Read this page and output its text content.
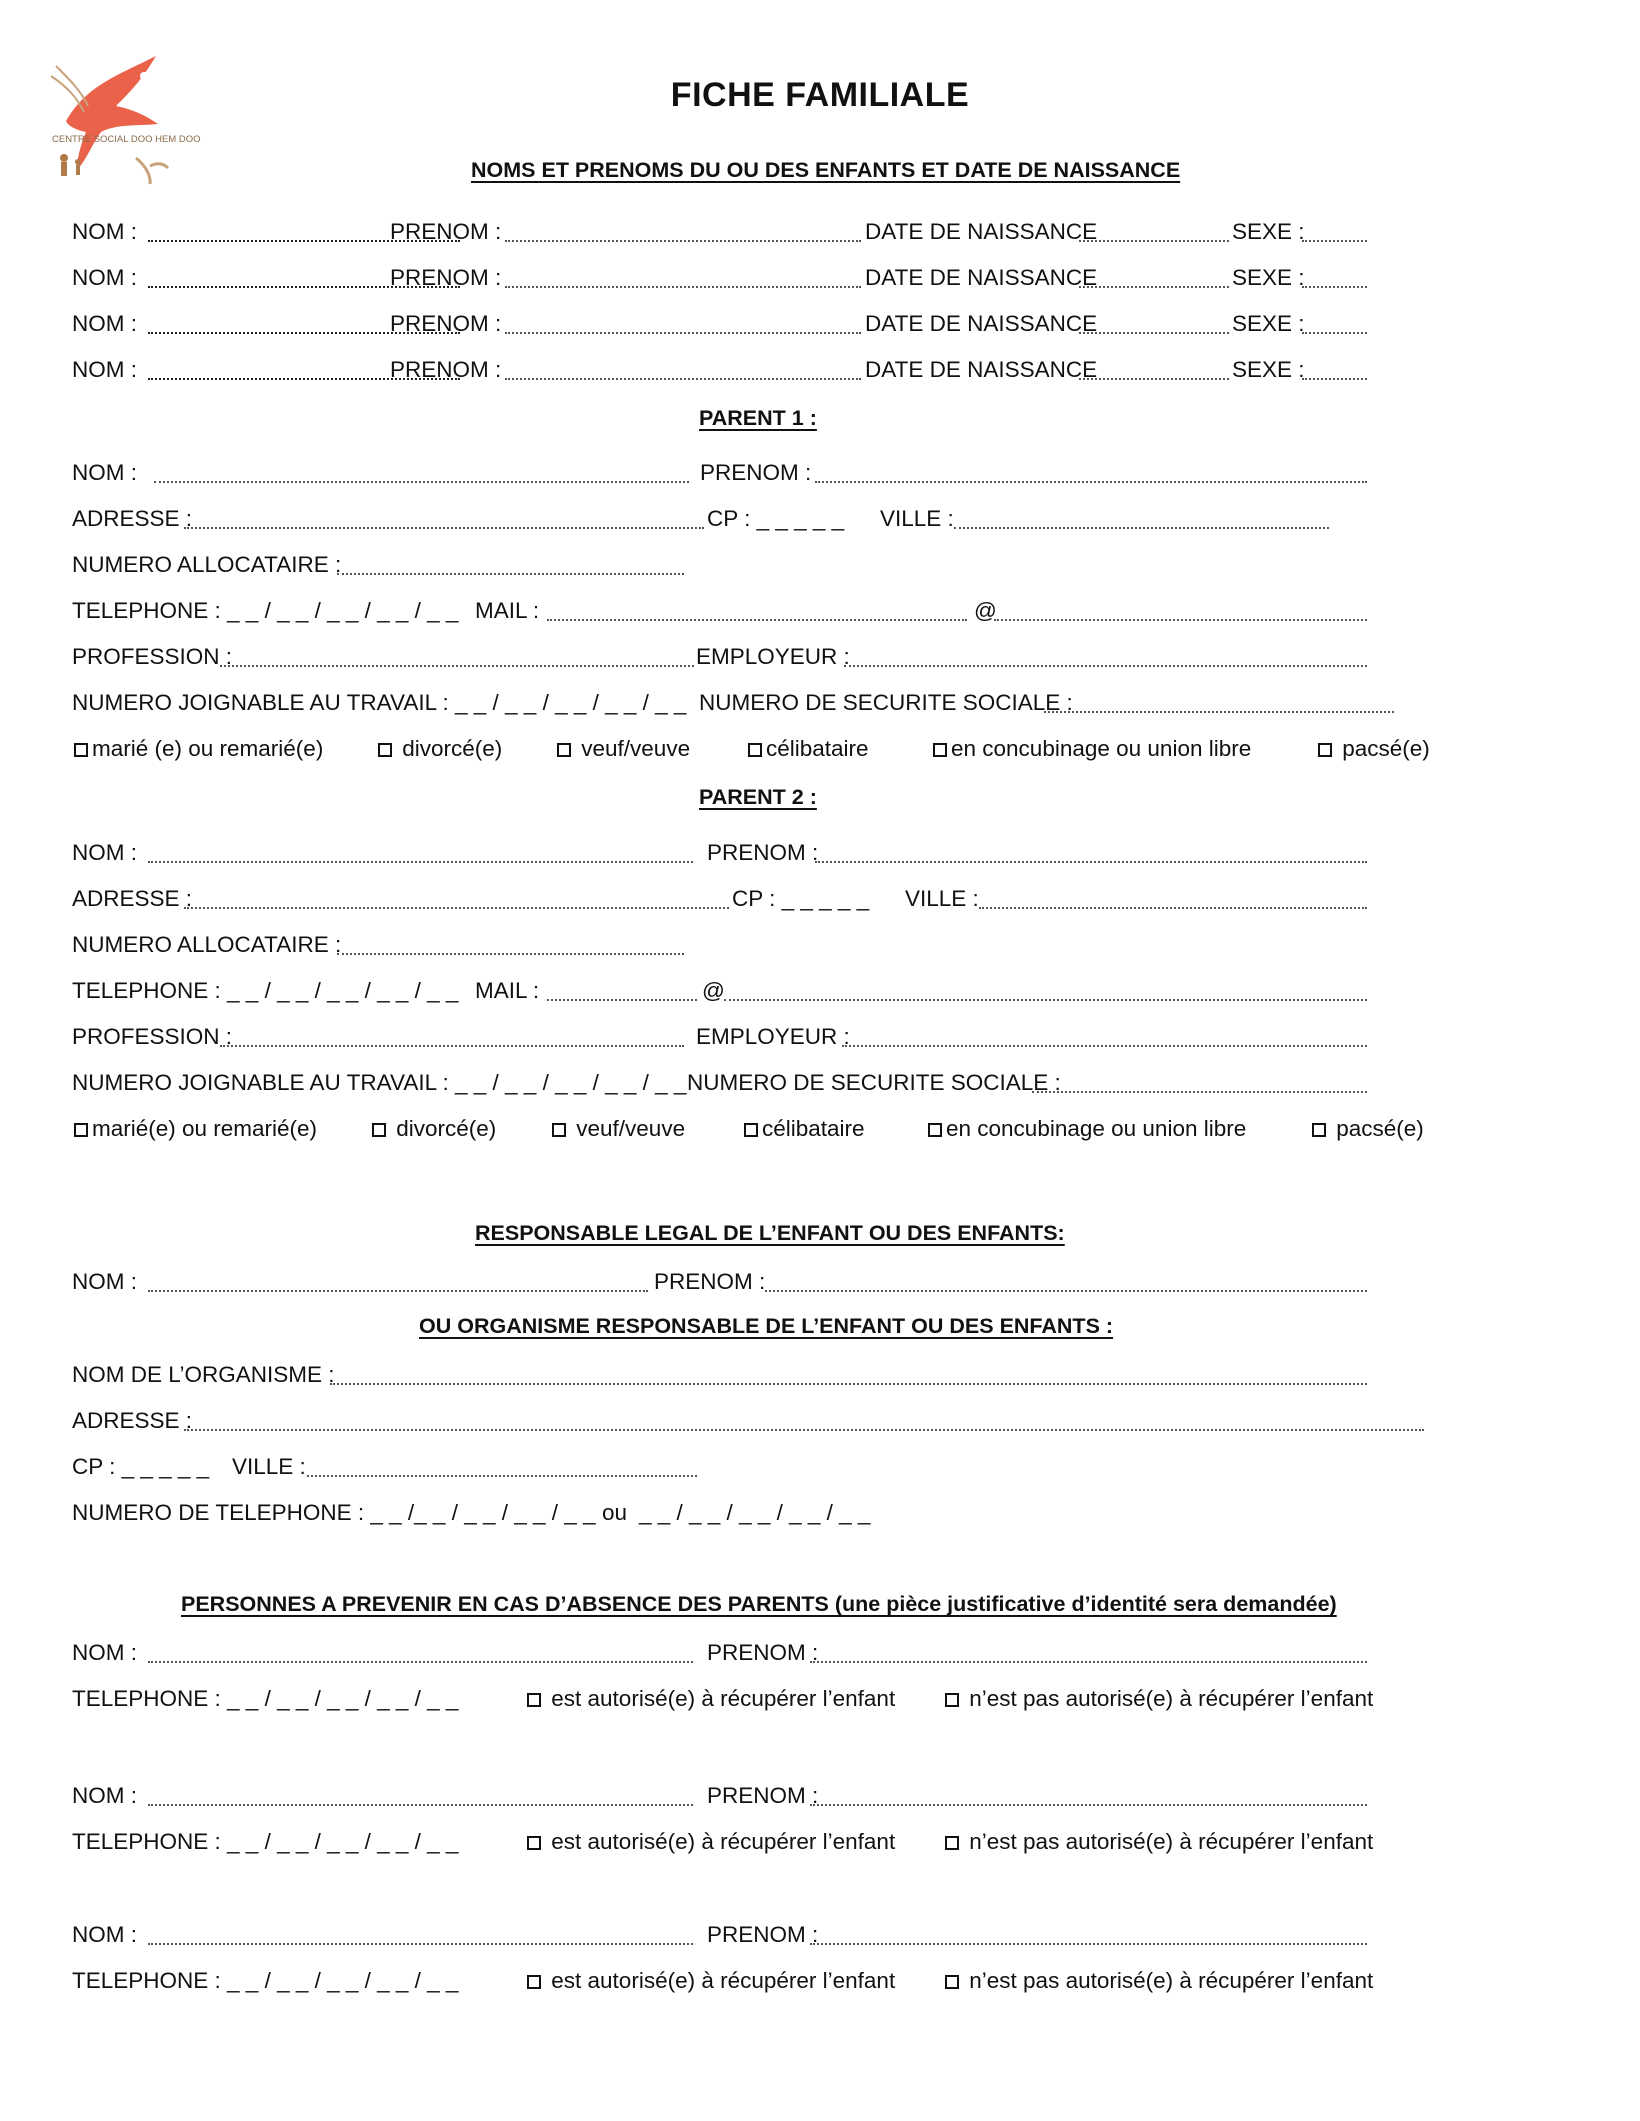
CENTRE SOCIAL DOO HEM DOO
FICHE FAMILIALE
NOMS ET PRENOMS DU OU DES ENFANTS ET DATE DE NAISSANCE
NOM :	PRENOM :	DATE DE NAISSANCE	SEXE :
NOM :	PRENOM :	DATE DE NAISSANCE	SEXE :
NOM :	PRENOM :	DATE DE NAISSANCE	SEXE :
NOM :	PRENOM :	DATE DE NAISSANCE	SEXE :
PARENT 1 :
NOM :	PRENOM :
ADRESSE :	CP : _ _ _ _ _ VILLE :
NUMERO ALLOCATAIRE :
TELEPHONE : _ _ / _ _ / _ _ / _ _ / _ _ MAIL :	@
PROFESSION :	EMPLOYEUR :
NUMERO JOIGNABLE AU TRAVAIL : _ _ / _ _ / _ _ / _ _ / _ _ NUMERO DE SECURITE SOCIALE :
marié (e) ou remarié(e)	divorcé(e)	veuf/veuve	célibataire	en concubinage ou union libre	pacsé(e)
PARENT 2 :
NOM :	PRENOM :
ADRESSE :	CP : _ _ _ _ _ VILLE :
NUMERO ALLOCATAIRE :
TELEPHONE : _ _ / _ _ / _ _ / _ _ / _ _ MAIL :	@
PROFESSION :	EMPLOYEUR :
NUMERO JOIGNABLE AU TRAVAIL : _ _ / _ _ / _ _ / _ _ / _ _ NUMERO DE SECURITE SOCIALE :
marié(e) ou remarié(e)	divorcé(e)	veuf/veuve	célibataire	en concubinage ou union libre	pacsé(e)
RESPONSABLE LEGAL DE L’ENFANT OU DES ENFANTS:
NOM :	PRENOM :
OU ORGANISME RESPONSABLE DE L’ENFANT OU DES ENFANTS :
NOM DE L’ORGANISME :
ADRESSE :
CP : _ _ _ _ _ VILLE :
NUMERO DE TELEPHONE : _ _ /_ _ / _ _ / _ _ / _ _ ou _ _ / _ _ / _ _ / _ _ / _ _
PERSONNES A PREVENIR EN CAS D’ABSENCE DES PARENTS (une pièce justificative d’identité sera demandée)
NOM :	PRENOM :
TELEPHONE : _ _ / _ _ / _ _ / _ _ / _ _	est autorisé(e) à récupérer l’enfant	n’est pas autorisé(e) à récupérer l’enfant
NOM :	PRENOM :
TELEPHONE : _ _ / _ _ / _ _ / _ _ / _ _	est autorisé(e) à récupérer l’enfant	n’est pas autorisé(e) à récupérer l’enfant
NOM :	PRENOM :
TELEPHONE : _ _ / _ _ / _ _ / _ _ / _ _	est autorisé(e) à récupérer l’enfant	n’est pas autorisé(e) à récupérer l’enfant
